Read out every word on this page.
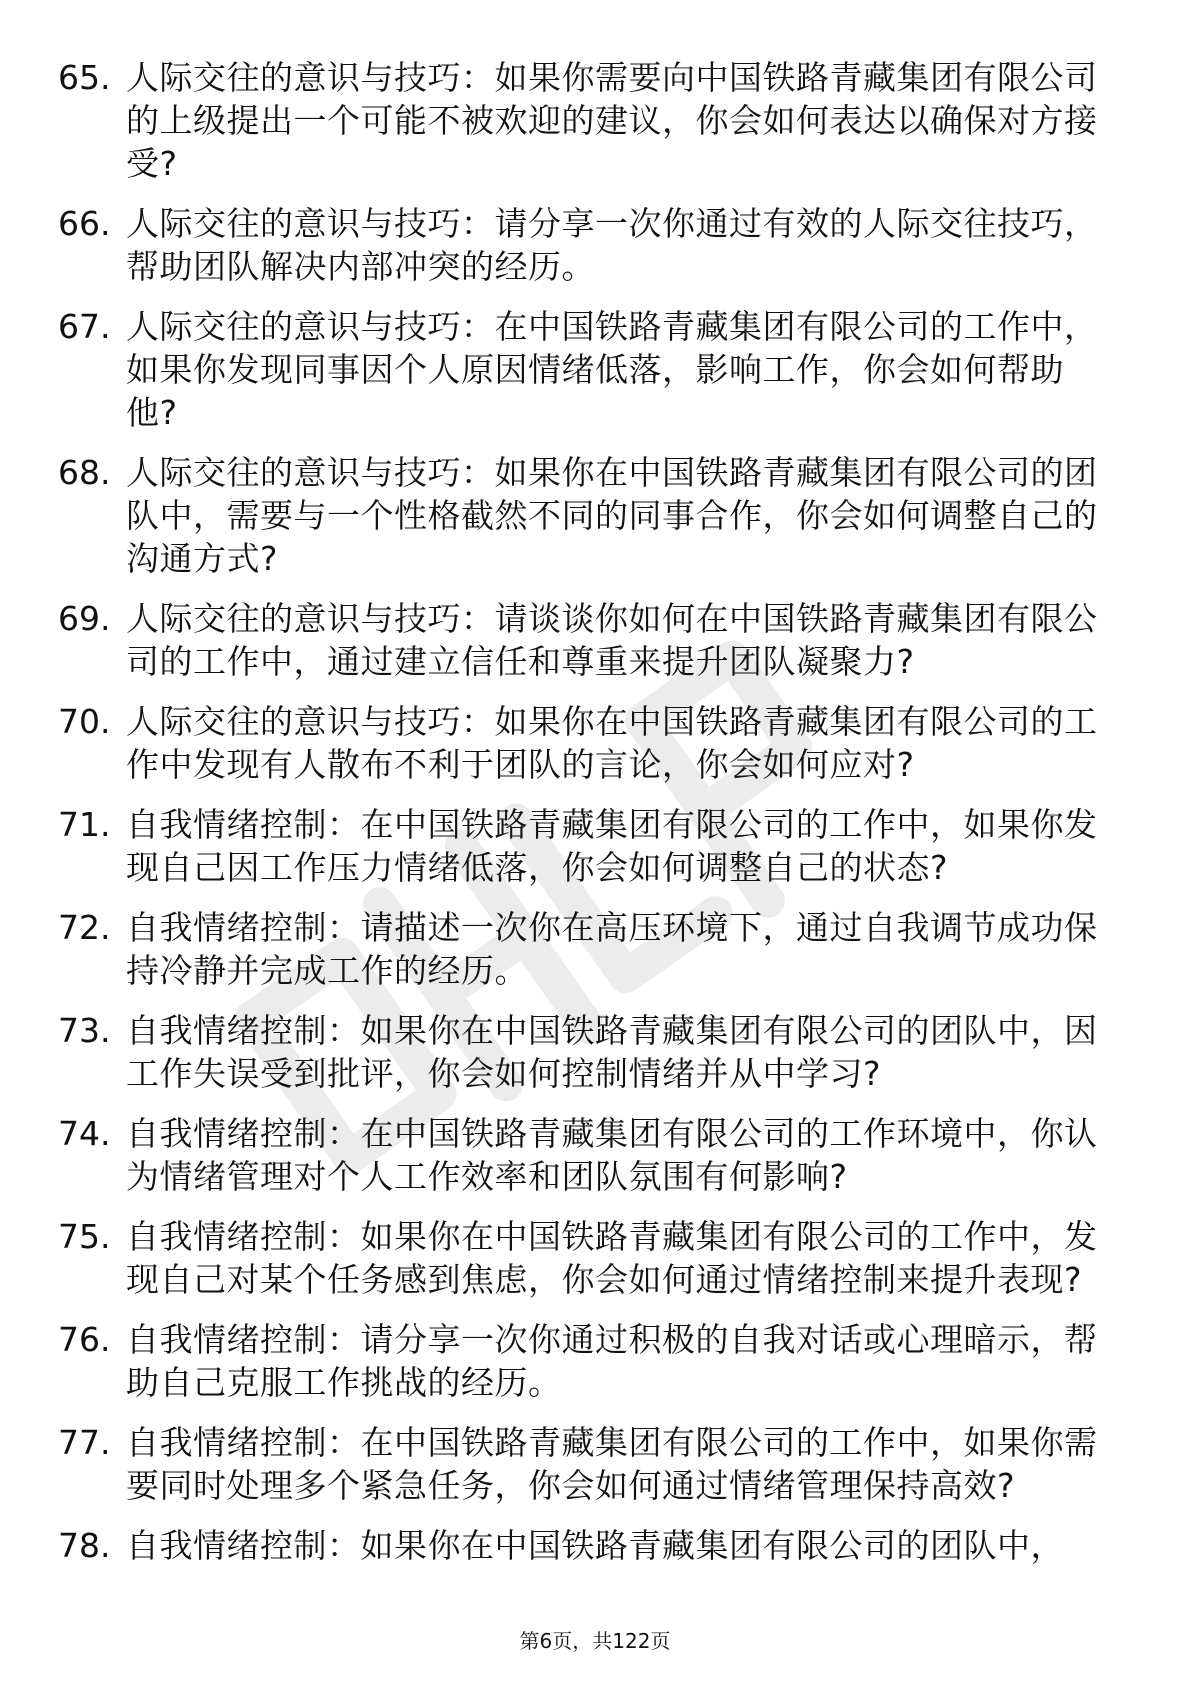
65. 人际交往的意识与技巧：如果你需要向中国铁路青藏集团有限公司的上级提出一个可能不被欢迎的建议，你会如何表达以确保对方接受?
66. 人际交往的意识与技巧：请分享一次你通过有效的人际交往技巧，帮助团队解决内部冲突的经历。
67. 人际交往的意识与技巧：在中国铁路青藏集团有限公司的工作中，如果你发现同事因个人原因情绪低落，影响工作，你会如何帮助他?
68. 人际交往的意识与技巧：如果你在中国铁路青藏集团有限公司的团队中，需要与一个性格截然不同的同事合作，你会如何调整自己的沟通方式?
69. 人际交往的意识与技巧：请谈谈你如何在中国铁路青藏集团有限公司的工作中，通过建立信任和尊重来提升团队凝聚力?
70. 人际交往的意识与技巧：如果你在中国铁路青藏集团有限公司的工作中发现有人散布不利于团队的言论，你会如何应对?
71. 自我情绪控制：在中国铁路青藏集团有限公司的工作中，如果你发现自己因工作压力情绪低落，你会如何调整自己的状态?
72. 自我情绪控制：请描述一次你在高压环境下，通过自我调节成功保持冷静并完成工作的经历。
73. 自我情绪控制：如果你在中国铁路青藏集团有限公司的团队中，因工作失误受到批评，你会如何控制情绪并从中学习?
74. 自我情绪控制：在中国铁路青藏集团有限公司的工作环境中，你认为情绪管理对个人工作效率和团队氛围有何影响?
75. 自我情绪控制：如果你在中国铁路青藏集团有限公司的工作中，发现自己对某个任务感到焦虑，你会如何通过情绪控制来提升表现?
76. 自我情绪控制：请分享一次你通过积极的自我对话或心理暗示，帮助自己克服工作挑战的经历。
77. 自我情绪控制：在中国铁路青藏集团有限公司的工作中，如果你需要同时处理多个紧急任务，你会如何通过情绪管理保持高效?
78. 自我情绪控制：如果你在中国铁路青藏集团有限公司的团队中，
第6页，共122页
